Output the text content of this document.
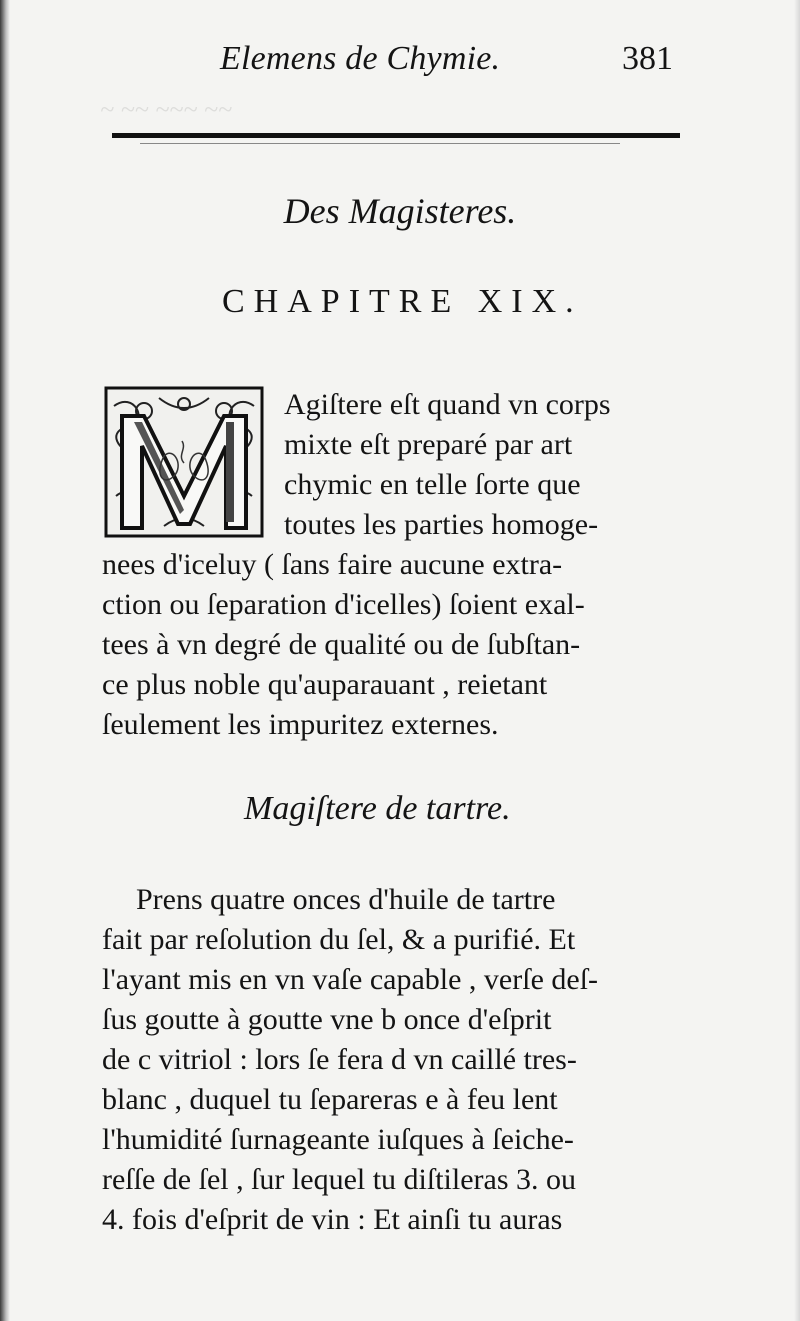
~ ~~ ~~~ ~~
Elemens de Chymie.	381
Des Magisteres.
CHAPITRE XIX.
Agiſtere eſt quand vn corps
mixte eſt preparé par art
chymic en telle ſorte que
toutes les parties homoge-
nees d'iceluy ( ſans faire aucune extra-
ction ou ſeparation d'icelles) ſoient exal-
tees à vn degré de qualité ou de ſubſtan-
ce plus noble qu'auparauant , reietant
ſeulement les impuritez externes.
Magiſtere de tartre.
Prens quatre onces d'huile de tartre
fait par reſolution du ſel, & a purifié. Et
l'ayant mis en vn vaſe capable , verſe deſ-
ſus goutte à goutte vne b once d'eſprit
de c vitriol : lors ſe fera d vn caillé tres-
blanc , duquel tu ſepareras e à feu lent
l'humidité ſurnageante iuſques à ſeiche-
reſſe de ſel , ſur lequel tu diſtileras 3. ou
4. fois d'eſprit de vin : Et ainſi tu auras
